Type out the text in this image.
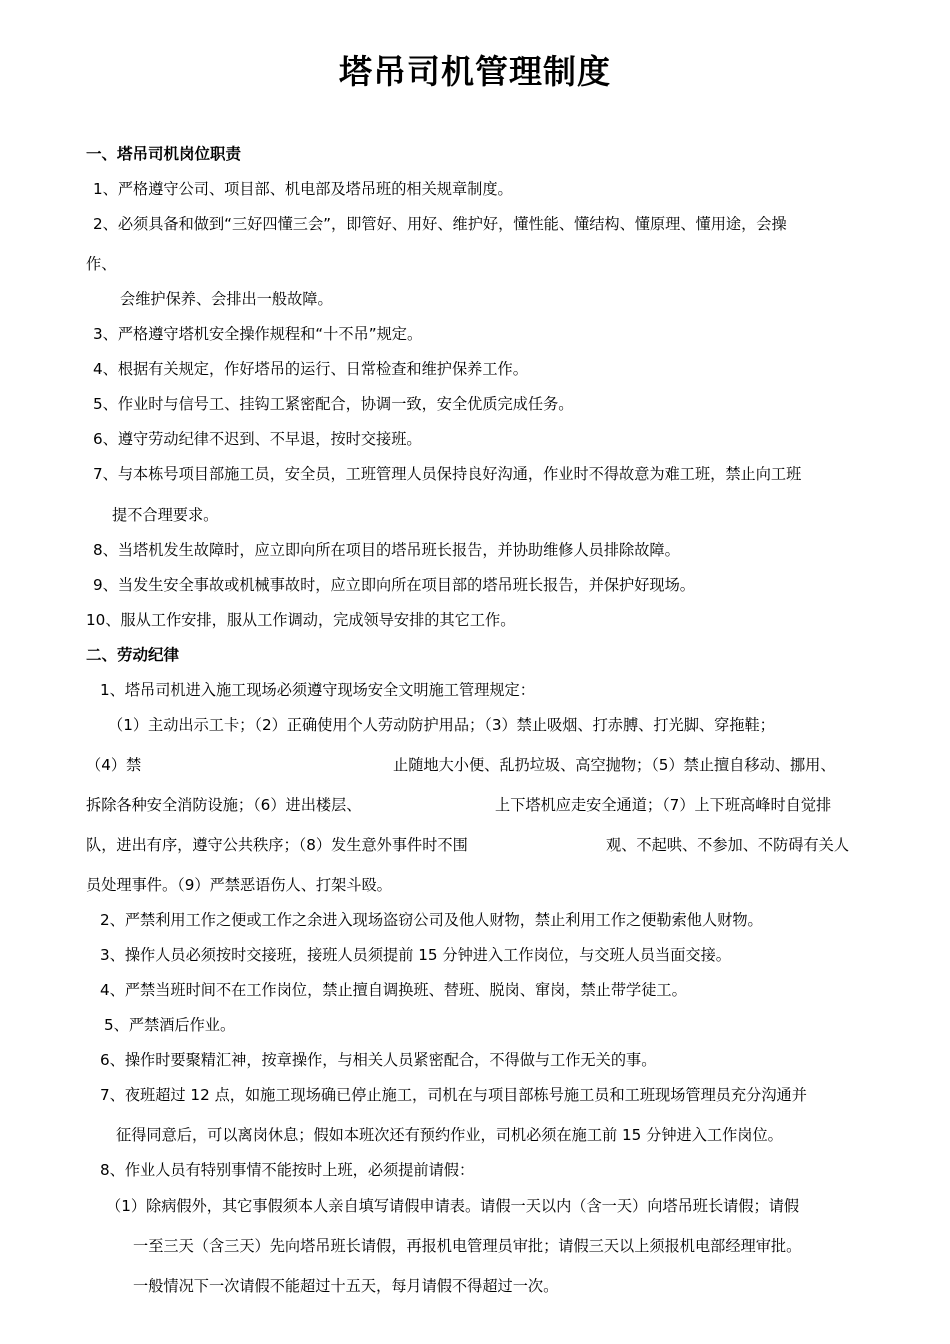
塔吊司机管理制度
一、塔吊司机岗位职责
1、严格遵守公司、项目部、机电部及塔吊班的相关规章制度。
2、必须具备和做到“三好四懂三会”，即管好、用好、维护好，懂性能、懂结构、懂原理、懂用途，会操
作、
会维护保养、会排出一般故障。
3、严格遵守塔机安全操作规程和“十不吊”规定。
4、根据有关规定，作好塔吊的运行、日常检查和维护保养工作。
5、作业时与信号工、挂钩工紧密配合，协调一致，安全优质完成任务。
6、遵守劳动纪律不迟到、不早退，按时交接班。
7、与本栋号项目部施工员，安全员，工班管理人员保持良好沟通，作业时不得故意为难工班，禁止向工班
提不合理要求。
8、当塔机发生故障时，应立即向所在项目的塔吊班长报告，并协助维修人员排除故障。
9、当发生安全事故或机械事故时，应立即向所在项目部的塔吊班长报告，并保护好现场。
10、服从工作安排，服从工作调动，完成领导安排的其它工作。
二、劳动纪律
1、塔吊司机进入施工现场必须遵守现场安全文明施工管理规定：
（1）主动出示工卡；（2）正确使用个人劳动防护用品；（3）禁止吸烟、打赤膊、打光脚、穿拖鞋；
（4）禁	止随地大小便、乱扔垃圾、高空抛物；（5）禁止擅自移动、挪用、
拆除各种安全消防设施；（6）进出楼层、	上下塔机应走安全通道；（7）上下班高峰时自觉排
队，进出有序，遵守公共秩序；（8）发生意外事件时不围	观、不起哄、不参加、不防碍有关人
员处理事件。（9）严禁恶语伤人、打架斗殴。
2、严禁利用工作之便或工作之余进入现场盗窃公司及他人财物，禁止利用工作之便勒索他人财物。
3、操作人员必须按时交接班，接班人员须提前 15 分钟进入工作岗位，与交班人员当面交接。
4、严禁当班时间不在工作岗位，禁止擅自调换班、替班、脱岗、窜岗，禁止带学徒工。
5、严禁酒后作业。
6、操作时要聚精汇神，按章操作，与相关人员紧密配合，不得做与工作无关的事。
7、夜班超过 12 点，如施工现场确已停止施工，司机在与项目部栋号施工员和工班现场管理员充分沟通并
征得同意后，可以离岗休息；假如本班次还有预约作业，司机必须在施工前 15 分钟进入工作岗位。
8、作业人员有特别事情不能按时上班，必须提前请假：
（1）除病假外，其它事假须本人亲自填写请假申请表。请假一天以内（含一天）向塔吊班长请假；请假
一至三天（含三天）先向塔吊班长请假，再报机电管理员审批；请假三天以上须报机电部经理审批。
一般情况下一次请假不能超过十五天，每月请假不得超过一次。
